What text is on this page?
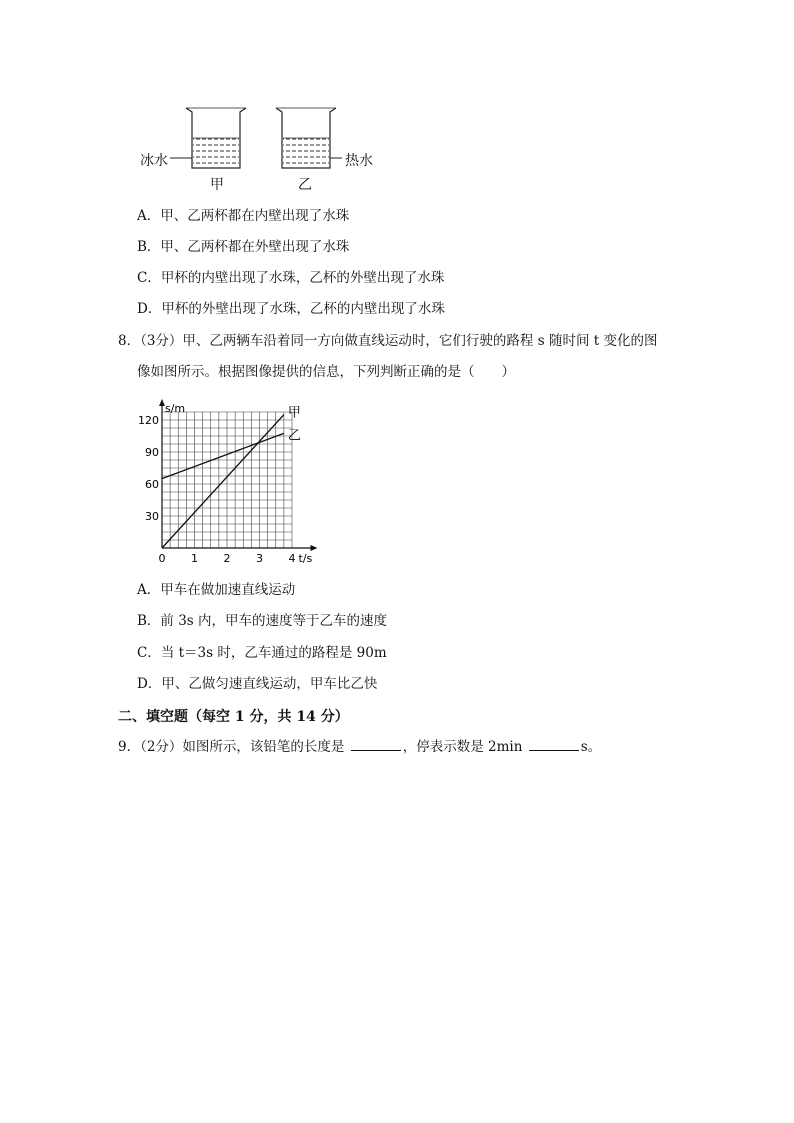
冰水	热水
甲	乙
A．甲、乙两杯都在内壁出现了水珠
B．甲、乙两杯都在外壁出现了水珠
C．甲杯的内壁出现了水珠，乙杯的外壁出现了水珠
D．甲杯的外壁出现了水珠，乙杯的内壁出现了水珠
8．（3分）甲、乙两辆车沿着同一方向做直线运动时，它们行驶的路程 s 随时间 t 变化的图
像如图所示。根据图像提供的信息，下列判断正确的是（　　）
甲
乙
0 1 2 3 4
30
60
90
120
s/m
t/s
A．甲车在做加速直线运动
B．前 3s 内，甲车的速度等于乙车的速度
C．当 t＝3s 时，乙车通过的路程是 90m
D．甲、乙做匀速直线运动，甲车比乙快
二、填空题（每空 1 分，共 14 分）
9．（2分）如图所示，该铅笔的长度是	，停表示数是 2min	s。
